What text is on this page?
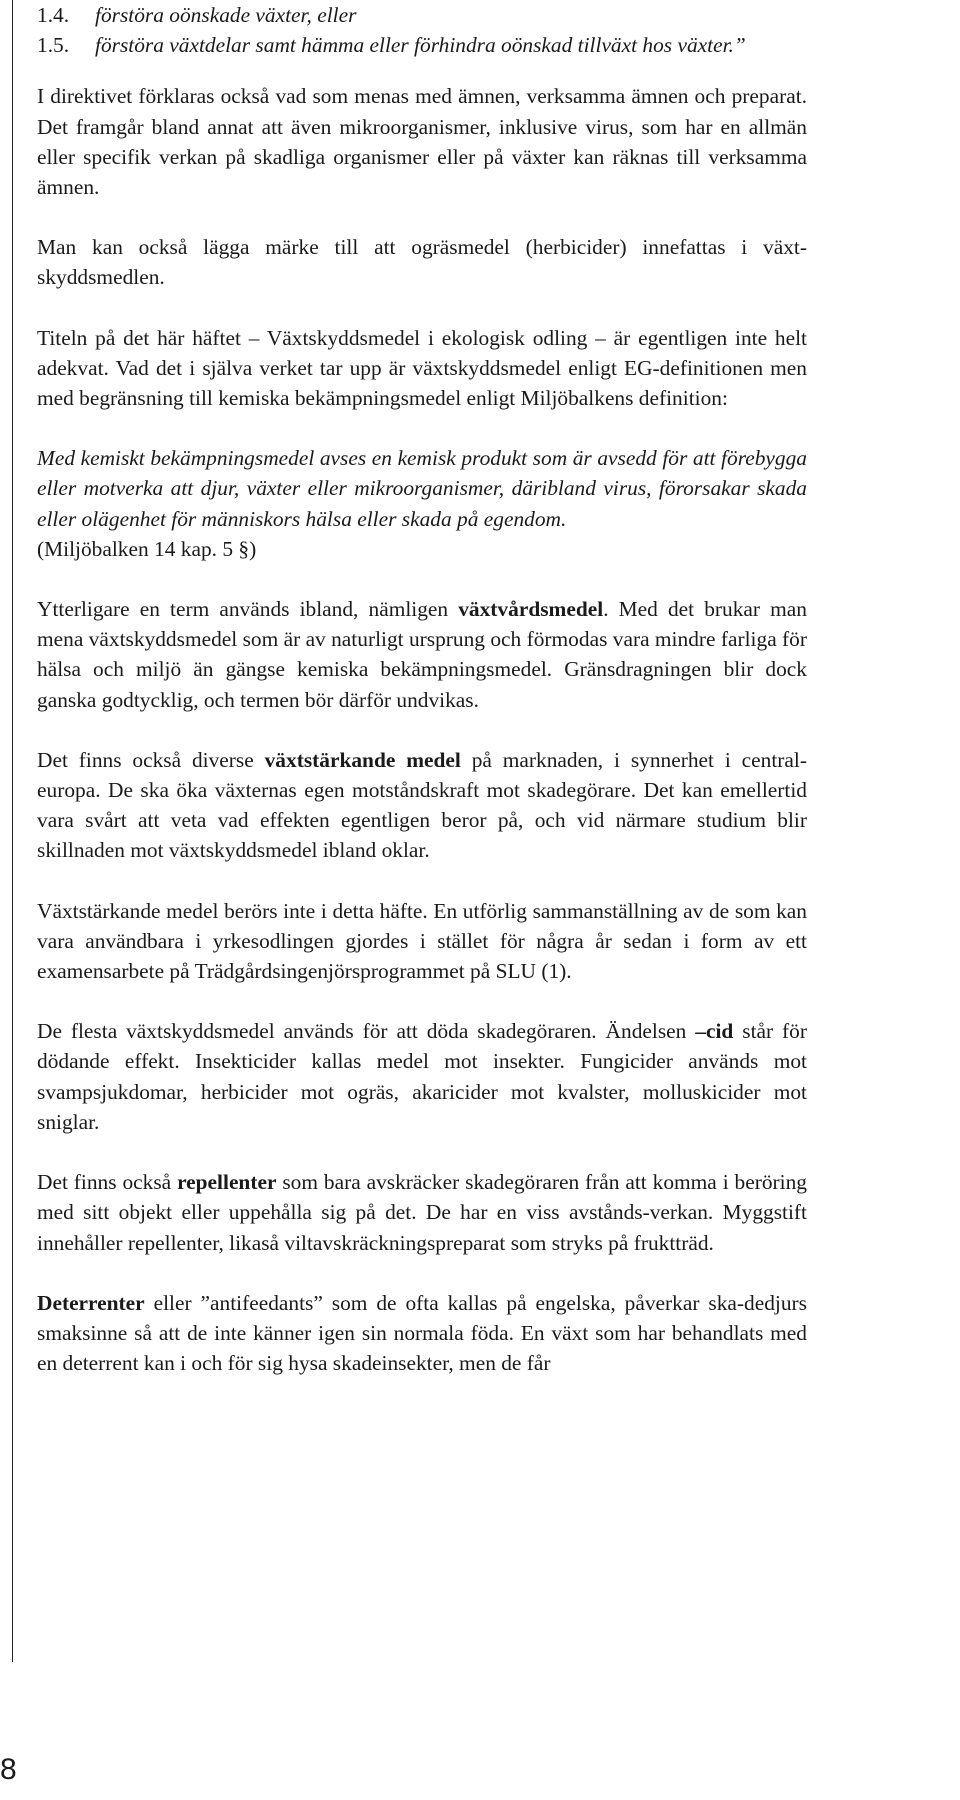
1.4.	förstöra oönskade växter, eller
1.5.	förstöra växtdelar samt hämma eller förhindra oönskad tillväxt hos växter.”

I direktivet förklaras också vad som menas med ämnen, verksamma ämnen och preparat. Det framgår bland annat att även mikroorganismer, inklusive virus, som har en allmän eller specifik verkan på skadliga organismer eller på växter kan räknas till verksamma ämnen.

Man kan också lägga märke till att ogräsmedel (herbicider) innefattas i växt-skyddsmedlen.

Titeln på det här häftet – Växtskyddsmedel i ekologisk odling – är egentligen inte helt adekvat. Vad det i själva verket tar upp är växtskyddsmedel enligt EG-definitionen men med begränsning till kemiska bekämpningsmedel enligt Miljöbalkens definition:

Med kemiskt bekämpningsmedel avses en kemisk produkt som är avsedd för att förebygga eller motverka att djur, växter eller mikroorganismer, däribland virus, förorsakar skada eller olägenhet för människors hälsa eller skada på egendom.

(Miljöbalken 14 kap. 5 §)

Ytterligare en term används ibland, nämligen växtvårdsmedel. Med det brukar man mena växtskyddsmedel som är av naturligt ursprung och förmodas vara mindre farliga för hälsa och miljö än gängse kemiska bekämpningsmedel. Gränsdragningen blir dock ganska godtycklig, och termen bör därför undvikas.

Det finns också diverse växtstärkande medel på marknaden, i synnerhet i central-europa. De ska öka växternas egen motståndskraft mot skadegörare. Det kan emellertid vara svårt att veta vad effekten egentligen beror på, och vid närmare studium blir skillnaden mot växtskyddsmedel ibland oklar.

Växtstärkande medel berörs inte i detta häfte. En utförlig sammanställning av de som kan vara användbara i yrkesodlingen gjordes i stället för några år sedan i form av ett examensarbete på Trädgårdsingenjörsprogrammet på SLU (1).

De flesta växtskyddsmedel används för att döda skadegöraren. Ändelsen –cid står för dödande effekt. Insekticider kallas medel mot insekter. Fungicider används mot svampsjukdomar, herbicider mot ogräs, akaricider mot kvalster, molluskicider mot sniglar.

Det finns också repellenter som bara avskräcker skadegöraren från att komma i beröring med sitt objekt eller uppehålla sig på det. De har en viss avstånds-verkan. Myggstift innehåller repellenter, likaså viltavskräckningspreparat som stryks på fruktträd.

Deterrenter eller ”antifeedants” som de ofta kallas på engelska, påverkar ska-dedjurs smaksinne så att de inte känner igen sin normala föda. En växt som har behandlats med en deterrent kan i och för sig hysa skadeinsekter, men de får

8
